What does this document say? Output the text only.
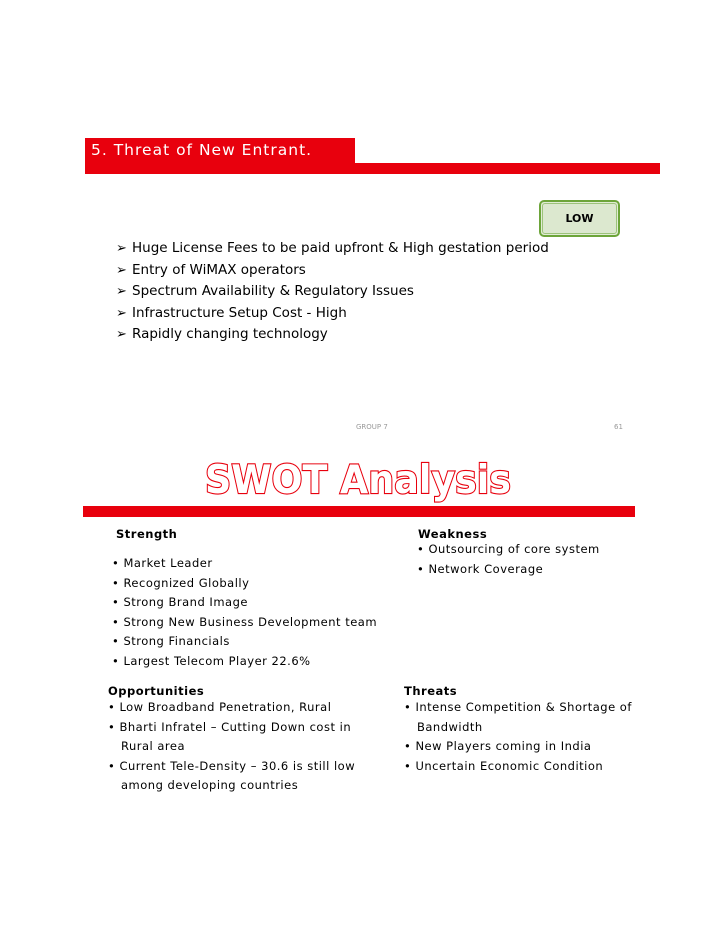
5. Threat of New Entrant.
LOW
➢ Huge License Fees to be paid upfront & High gestation period
➢ Entry of WiMAX operators
➢ Spectrum Availability & Regulatory Issues
➢ Infrastructure Setup Cost - High
➢ Rapidly changing technology
GROUP 7	61
SWOT Analysis
Strength
• Market Leader
• Recognized Globally
• Strong Brand Image
• Strong New Business Development team
• Strong Financials
• Largest Telecom Player 22.6%
Weakness
• Outsourcing of core system
• Network Coverage
Opportunities
• Low Broadband Penetration, Rural
• Bharti Infratel – Cutting Down cost in
Rural area
• Current Tele-Density – 30.6 is still low
among developing countries
Threats
• Intense Competition & Shortage of
Bandwidth
• New Players coming in India
• Uncertain Economic Condition
